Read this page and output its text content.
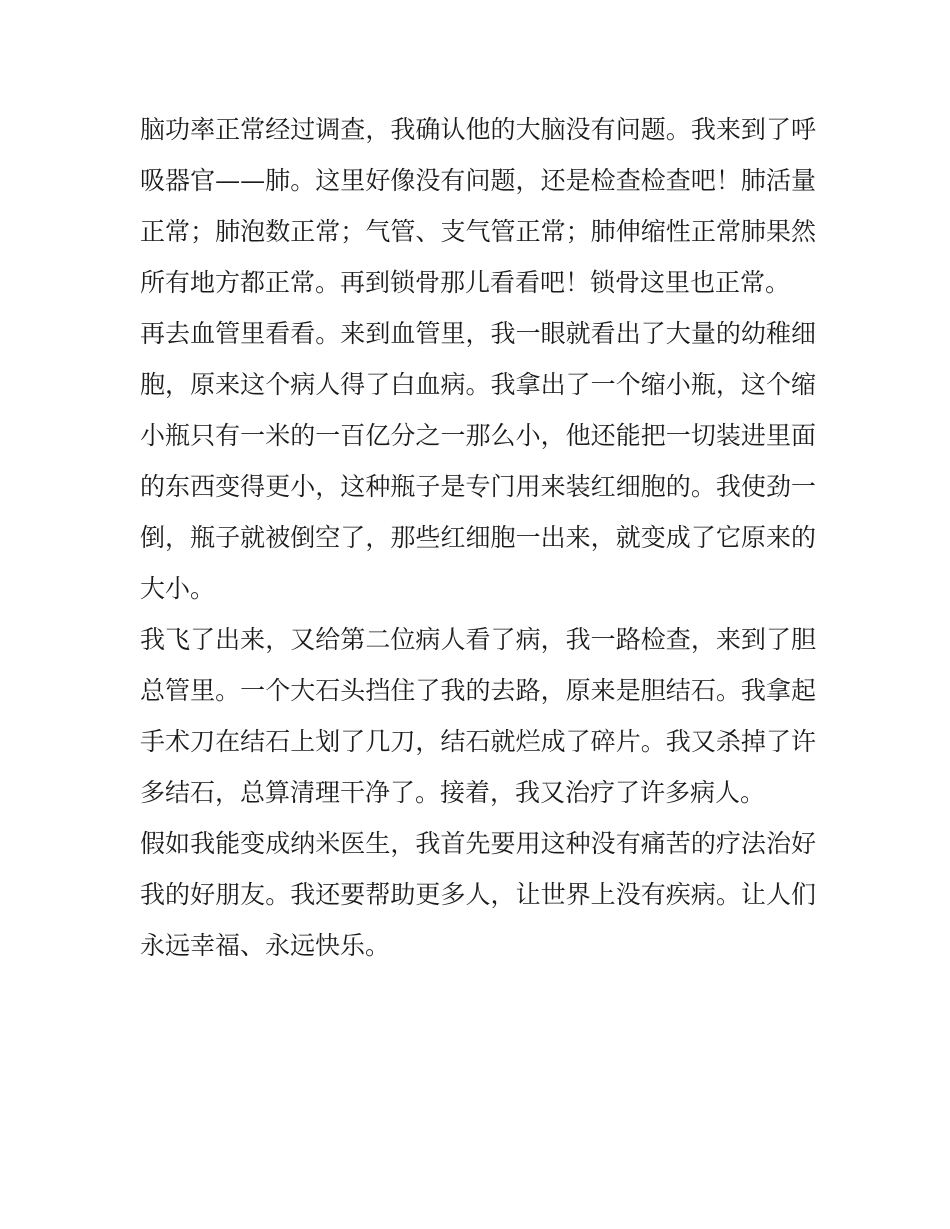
脑功率正常经过调查，我确认他的大脑没有问题。我来到了呼
吸器官——肺。这里好像没有问题，还是检查检查吧！肺活量
正常；肺泡数正常；气管、支气管正常；肺伸缩性正常肺果然
所有地方都正常。再到锁骨那儿看看吧！锁骨这里也正常。
再去血管里看看。来到血管里，我一眼就看出了大量的幼稚细
胞，原来这个病人得了白血病。我拿出了一个缩小瓶，这个缩
小瓶只有一米的一百亿分之一那么小，他还能把一切装进里面
的东西变得更小，这种瓶子是专门用来装红细胞的。我使劲一
倒，瓶子就被倒空了，那些红细胞一出来，就变成了它原来的
大小。
我飞了出来，又给第二位病人看了病，我一路检查，来到了胆
总管里。一个大石头挡住了我的去路，原来是胆结石。我拿起
手术刀在结石上划了几刀，结石就烂成了碎片。我又杀掉了许
多结石，总算清理干净了。接着，我又治疗了许多病人。
假如我能变成纳米医生，我首先要用这种没有痛苦的疗法治好
我的好朋友。我还要帮助更多人，让世界上没有疾病。让人们
永远幸福、永远快乐。
